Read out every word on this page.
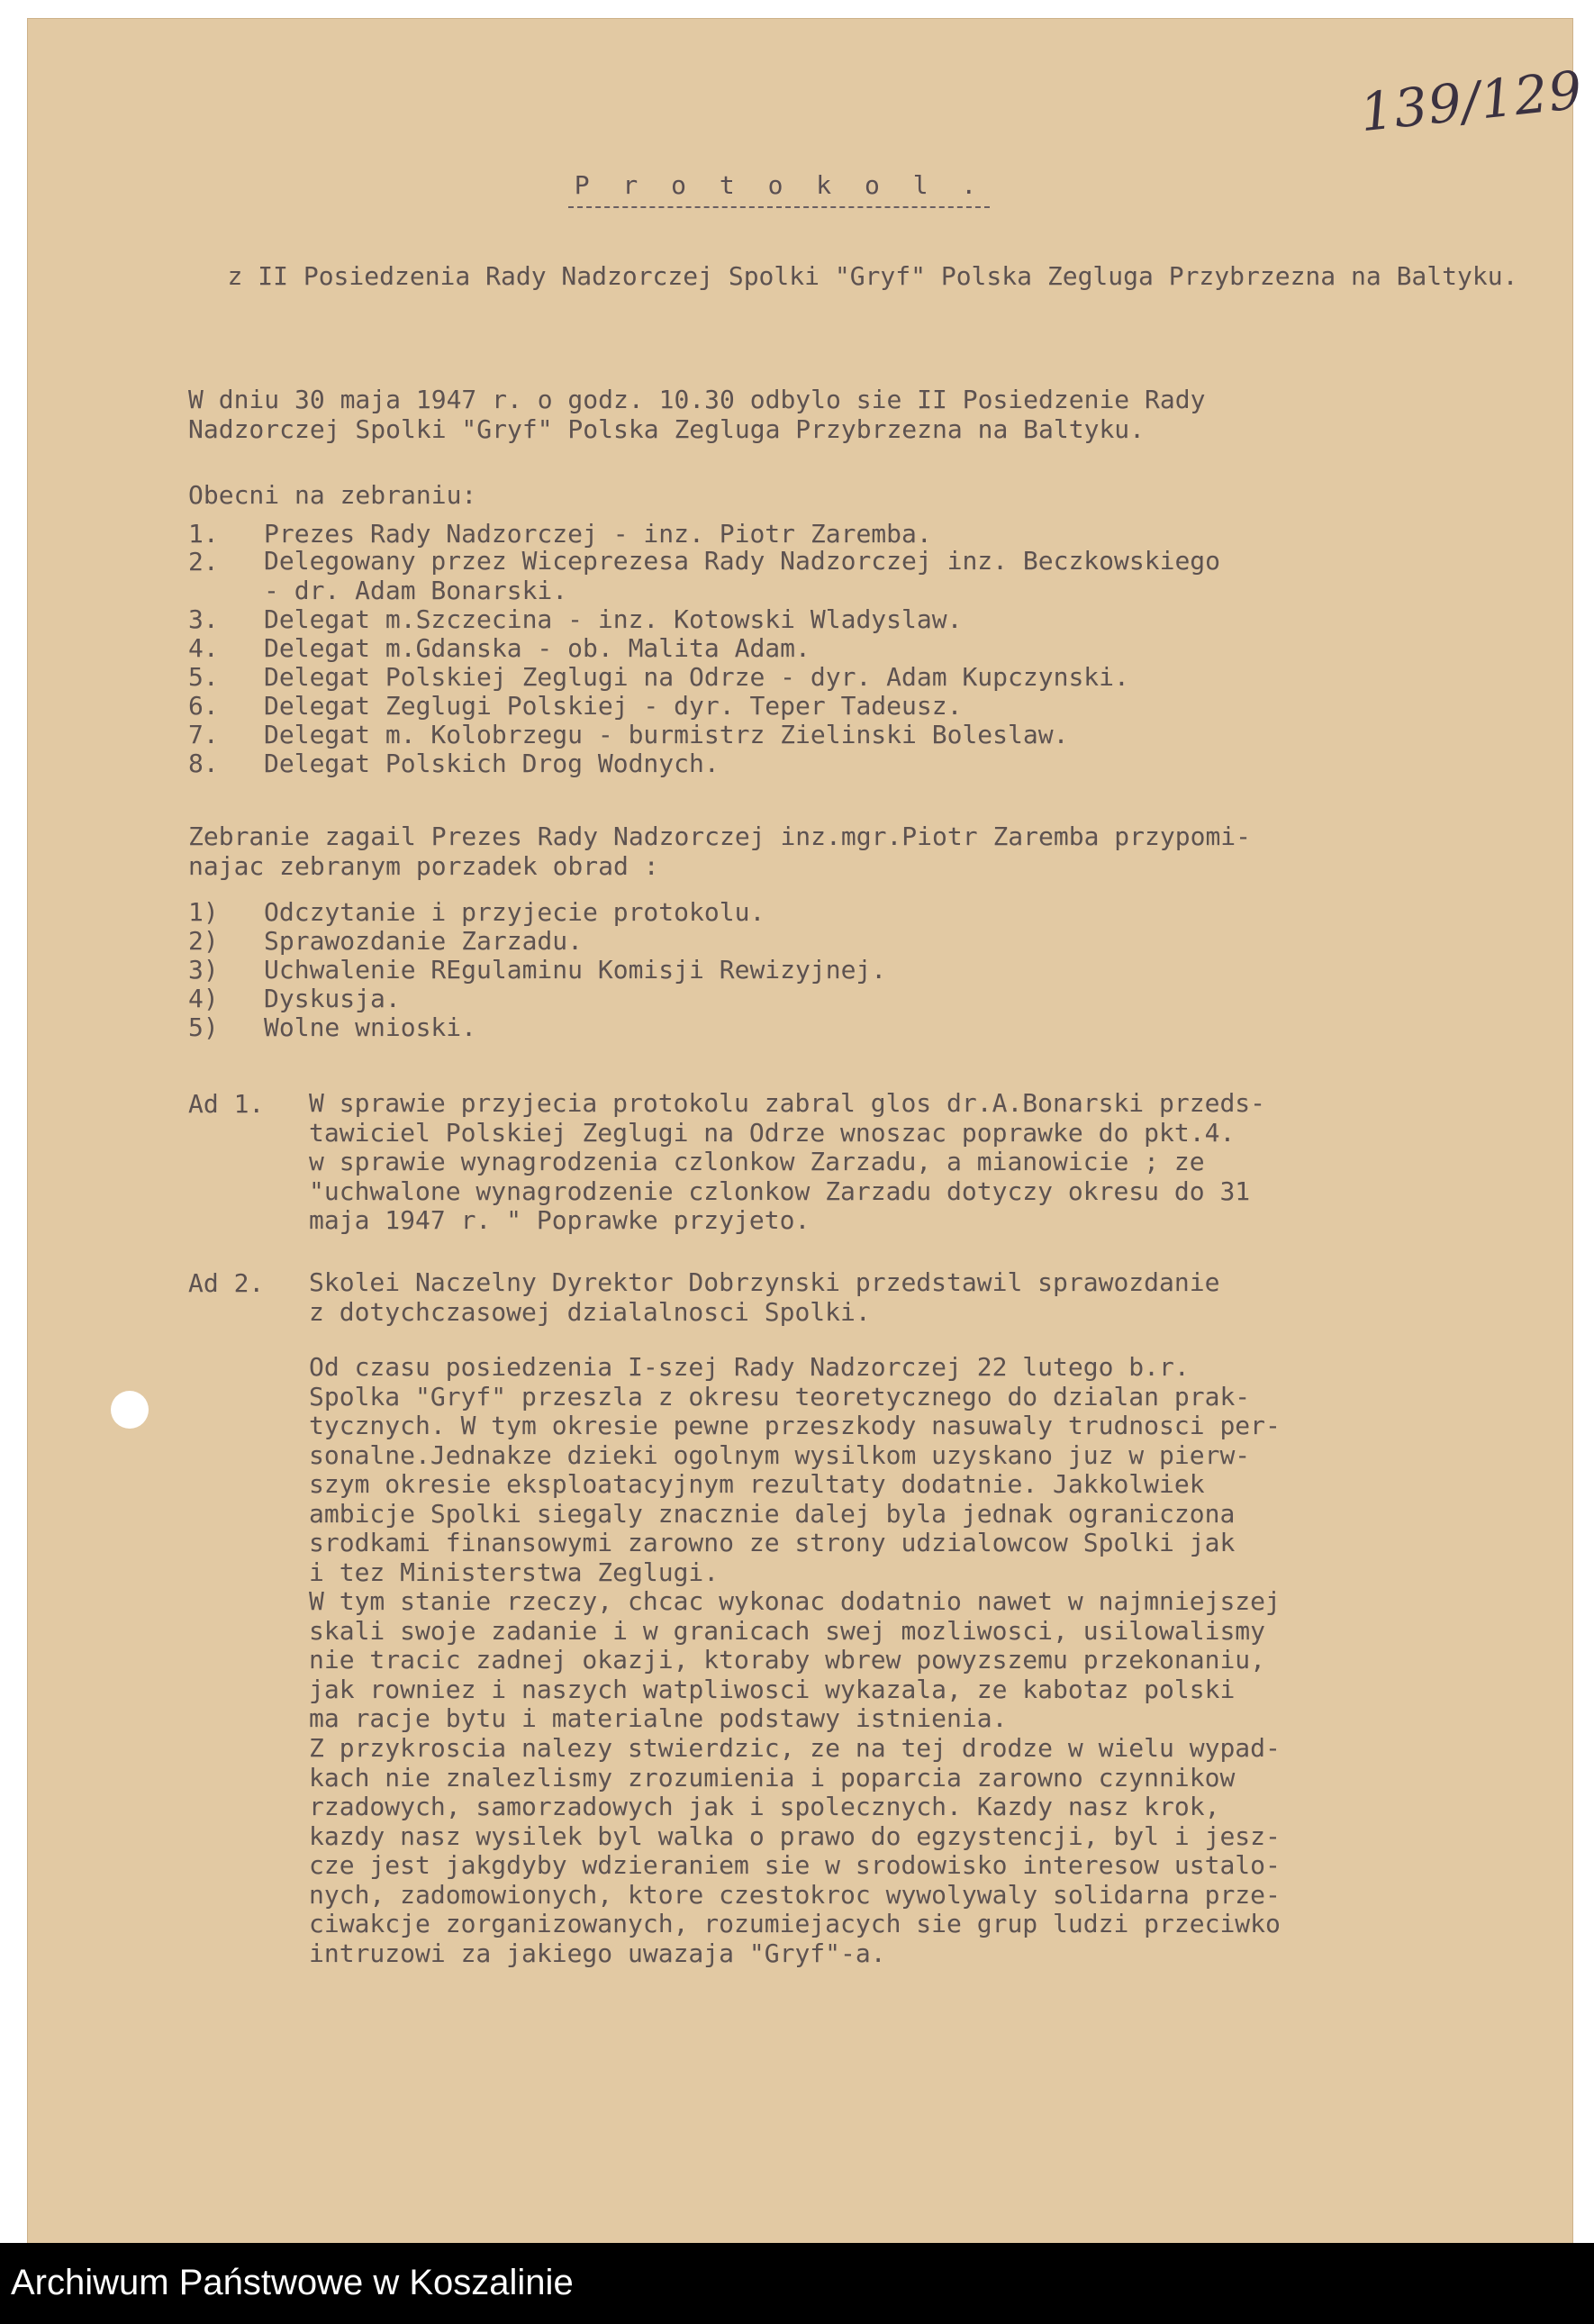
139/129
P r o t o k o l .
z II Posiedzenia Rady Nadzorczej Spolki "Gryf" Polska Zegluga Przybrzezna na Baltyku.
W dniu 30 maja 1947 r. o godz. 10.30 odbylo sie II Posiedzenie Rady
Nadzorczej Spolki "Gryf" Polska Zegluga Przybrzezna na Baltyku.
Obecni na zebraniu:
1. Prezes Rady Nadzorczej - inz. Piotr Zaremba.
2. Delegowany przez Wiceprezesa Rady Nadzorczej inz. Beczkowskiego
- dr. Adam Bonarski.
3. Delegat m.Szczecina - inz. Kotowski Wladyslaw.
4. Delegat m.Gdanska - ob. Malita Adam.
5. Delegat Polskiej Zeglugi na Odrze - dyr. Adam Kupczynski.
6. Delegat Zeglugi Polskiej - dyr. Teper Tadeusz.
7. Delegat m. Kolobrzegu - burmistrz Zielinski Boleslaw.
8. Delegat Polskich Drog Wodnych.
Zebranie zagail Prezes Rady Nadzorczej inz.mgr.Piotr Zaremba przypomi-
najac zebranym porzadek obrad :
1) Odczytanie i przyjecie protokolu.
2) Sprawozdanie Zarzadu.
3) Uchwalenie REgulaminu Komisji Rewizyjnej.
4) Dyskusja.
5) Wolne wnioski.
Ad 1. W sprawie przyjecia protokolu zabral glos dr.A.Bonarski przeds-
tawiciel Polskiej Zeglugi na Odrze wnoszac poprawke do pkt.4.
w sprawie wynagrodzenia czlonkow Zarzadu, a mianowicie ; ze
"uchwalone wynagrodzenie czlonkow Zarzadu dotyczy okresu do 31
maja 1947 r. " Poprawke przyjeto.
Ad 2. Skolei Naczelny Dyrektor Dobrzynski przedstawil sprawozdanie
z dotychczasowej dzialalnosci Spolki.
Od czasu posiedzenia I-szej Rady Nadzorczej 22 lutego b.r.
Spolka "Gryf" przeszla z okresu teoretycznego do dzialan prak-
tycznych. W tym okresie pewne przeszkody nasuwaly trudnosci per-
sonalne.Jednakze dzieki ogolnym wysilkom uzyskano juz w pierw-
szym okresie eksploatacyjnym rezultaty dodatnie. Jakkolwiek
ambicje Spolki siegaly znacznie dalej byla jednak ograniczona
srodkami finansowymi zarowno ze strony udzialowcow Spolki jak
i tez Ministerstwa Zeglugi.
W tym stanie rzeczy, chcac wykonac dodatnio nawet w najmniejszej
skali swoje zadanie i w granicach swej mozliwosci, usilowalismy
nie tracic zadnej okazji, ktoraby wbrew powyzszemu przekonaniu,
jak rowniez i naszych watpliwosci wykazala, ze kabotaz polski
ma racje bytu i materialne podstawy istnienia.
Z przykroscia nalezy stwierdzic, ze na tej drodze w wielu wypad-
kach nie znalezlismy zrozumienia i poparcia zarowno czynnikow
rzadowych, samorzadowych jak i spolecznych. Kazdy nasz krok,
kazdy nasz wysilek byl walka o prawo do egzystencji, byl i jesz-
cze jest jakgdyby wdzieraniem sie w srodowisko interesow ustalo-
nych, zadomowionych, ktore czestokroc wywolywaly solidarna prze-
ciwakcje zorganizowanych, rozumiejacych sie grup ludzi przeciwko
intruzowi za jakiego uwazaja "Gryf"-a.
Archiwum Państwowe w Koszalinie
